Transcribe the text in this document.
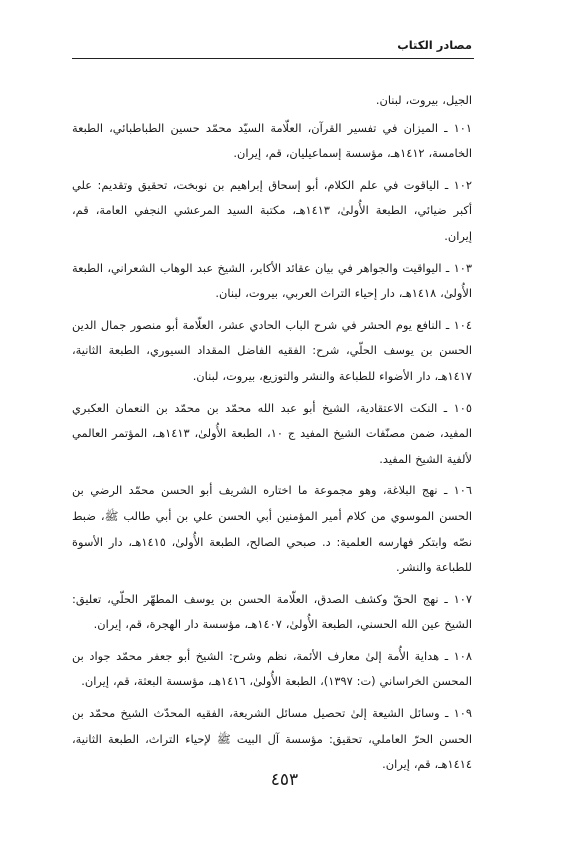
مصادر الكتاب

الجيل، بيروت، لبنان.

١٠١ ـ الميزان في تفسير القرآن، العلّامة السيّد محمّد حسين الطباطبائي، الطبعة الخامسة، ١٤١٢هـ، مؤسسة إسماعيليان، قم، إيران.

١٠٢ ـ الياقوت في علم الكلام، أبو إسحاق إبراهيم بن نوبخت، تحقيق وتقديم: علي أكبر ضيائي، الطبعة الأُولىٰ، ١٤١٣هـ، مكتبة السيد المرعشي النجفي العامة، قم، إيران.

١٠٣ ـ اليواقيت والجواهر في بيان عقائد الأكابر، الشيخ عبد الوهاب الشعراني، الطبعة الأُولىٰ، ١٤١٨هـ، دار إحياء التراث العربي، بيروت، لبنان.

١٠٤ ـ النافع يوم الحشر في شرح الباب الحادي عشر، العلّامة أبو منصور جمال الدين الحسن بن يوسف الحلّي، شرح: الفقيه الفاضل المقداد السيوري، الطبعة الثانية، ١٤١٧هـ، دار الأضواء للطباعة والنشر والتوزيع، بيروت، لبنان.

١٠٥ ـ النكت الاعتقادية، الشيخ أبو عبد الله محمّد بن محمّد بن النعمان العكبري المفيد، ضمن مصنّفات الشيخ المفيد ج ١٠، الطبعة الأُولىٰ، ١٤١٣هـ، المؤتمر العالمي لألفية الشيخ المفيد.

١٠٦ ـ نهج البلاغة، وهو مجموعة ما اختاره الشريف أبو الحسن محمّد الرضي بن الحسن الموسوي من كلام أمير المؤمنين أبي الحسن علي بن أبي طالب ﷺ، ضبط نصّه وابتكر فهارسه العلمية: د. صبحي الصالح، الطبعة الأُولىٰ، ١٤١٥هـ، دار الأسوة للطباعة والنشر.

١٠٧ ـ نهج الحقّ وكشف الصدق، العلّامة الحسن بن يوسف المطهّر الحلّي، تعليق: الشيخ عين الله الحسني، الطبعة الأُولىٰ، ١٤٠٧هـ، مؤسسة دار الهجرة، قم، إيران.

١٠٨ ـ هداية الأُمة إلىٰ معارف الأئمة، نظم وشرح: الشيخ أبو جعفر محمّد جواد بن المحسن الخراساني (ت: ١٣٩٧)، الطبعة الأُولىٰ، ١٤١٦هـ، مؤسسة البعثة، قم، إيران.

١٠٩ ـ وسائل الشيعة إلىٰ تحصيل مسائل الشريعة، الفقيه المحدّث الشيخ محمّد بن الحسن الحرّ العاملي، تحقيق: مؤسسة آل البيت ﷺ لإحياء التراث، الطبعة الثانية، ١٤١٤هـ، قم، إيران.

٤٥٣
